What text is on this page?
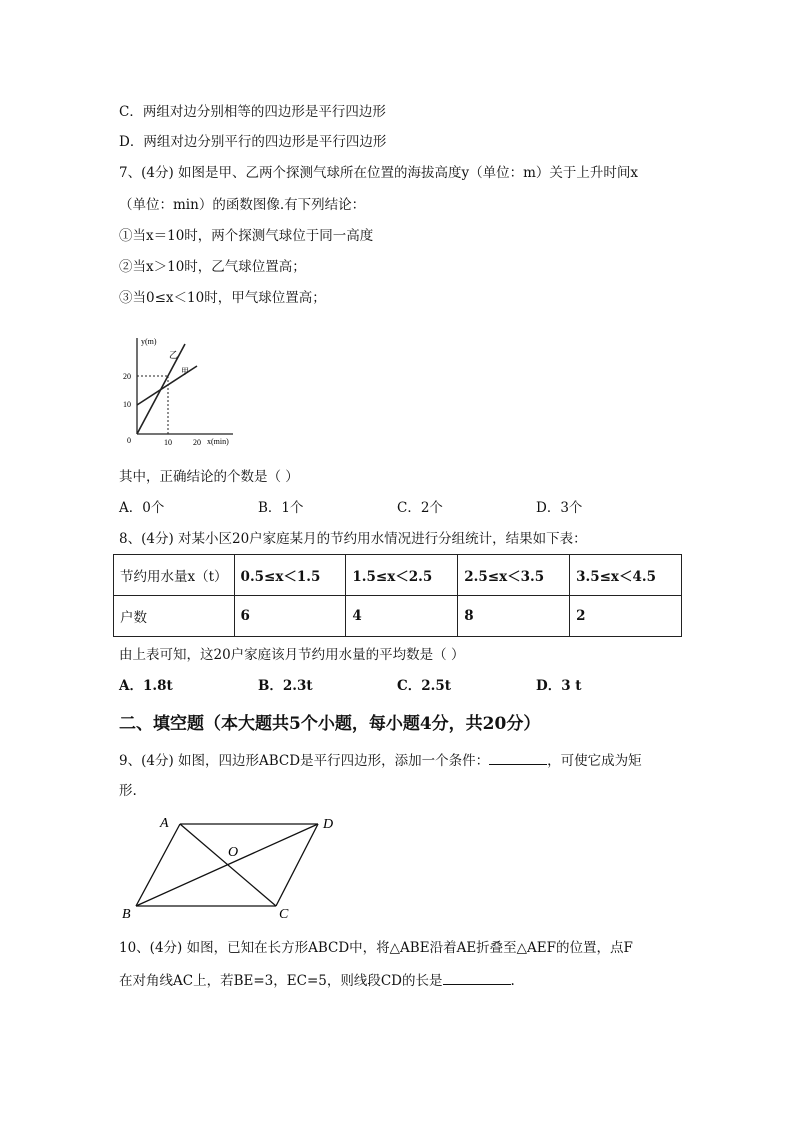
C．两组对边分别相等的四边形是平行四边形
D．两组对边分别平行的四边形是平行四边形
7、(4分) 如图是甲、乙两个探测气球所在位置的海拔高度y（单位：m）关于上升时间x
（单位：min）的函数图像.有下列结论：
①当x＝10时，两个探测气球位于同一高度
②当x＞10时，乙气球位置高；
③当0≤x＜10时，甲气球位置高；
y(m)
x(min)
0
20
10
10	20
乙
甲
其中，正确结论的个数是（ ）
A．0个	B．1个	C．2个	D．3个
8、(4分) 对某小区20户家庭某月的节约用水情况进行分组统计，结果如下表：
节约用水量x（t）	0.5≤x＜1.5	1.5≤x＜2.5	2.5≤x＜3.5	3.5≤x＜4.5
户数	6	4	8	2
由上表可知，这20户家庭该月节约用水量的平均数是（ ）
A．1.8t	B．2.3t	C．2.5t	D．3 t
二、填空题（本大题共5个小题，每小题4分，共20分）
9、(4分) 如图，四边形ABCD是平行四边形，添加一个条件：	，可使它成为矩
形.
A	D
B	C
O
10、(4分) 如图，已知在长方形ABCD中，将△ABE沿着AE折叠至△AEF的位置，点F
在对角线AC上，若BE=3，EC=5，则线段CD的长是	.
